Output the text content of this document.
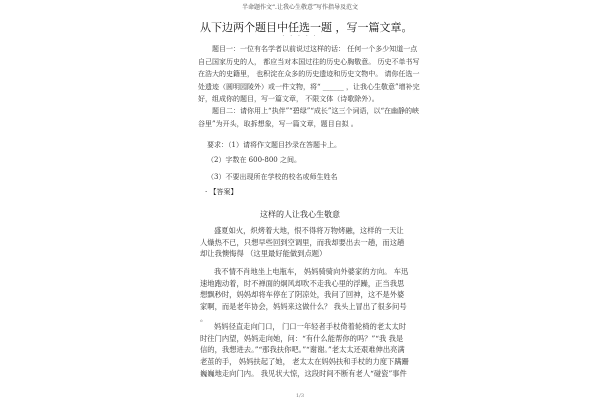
半命题作文“.让我心生敬意”写作指导及范文
从下边两个题目中任选一题 ，写一篇文章。
· · · · ·
题目一：一位有名学者以前说过这样的话： 任何一个多少知道一点自己国家历史的人， 都应当对本国过往的历史心胸敬意。 历史不单书写在浩大的史籍里， 也积淀在众多的历史遗迹和历史文物中。 请你任选一处遗迹（圆明园陵外）或一件文物，将“ ______ ，让我心生敬意”增补完好，组成你的题目，写一篇文章， 不限文体（诗歌除外）。
题目二：请你用上“执伴”“碧绿”“成长”这三个词语，以“在幽静的峡谷里”为开头，取拆想象，写一篇文章，题目自拟 。
要求：（1）请将作文题目抄录在答题卡上。
（2）字数在 600-800 之间。
（3）不要出现所在学校的校名或师生姓名
· 【答案】
这样的人让我心生敬意
盛夏如火，炽烤着大地，恨不得将万物烤融，这样的一天让人燥热不已，只想早些回到空调里，而我却要出去一趟，而这趟却让我懊悔得 （这里最好能做到点题）
我不情不肖地坐上电瓶车， 妈妈骑骑向外婆家的方向。 车迅速地跑动着，时不禅面的炯风却吹不走我心里的浮躁，正当我思想飘秒时，妈妈却将车停在了阴凉处，我问了回神，这不是外婆家啊，而是老年协会，妈妈来这做什么？ 我头上冒出了很多问号 。
妈妈径直走向门口， 门口一年轻者手杖倚着轮椅的老太太时时往门内望，妈妈走向她，问：“有什么能帮你的吗？”“我 我是信的，我想进去。”“那我扶你吧。”“谢谢。”老太太还艰难伸出亮满老茧的手， 妈妈扶起了她， 老太太在妈妈扶和手杖的力度下蹒跚巍巍地走向门内。 我见状大惊，这段时间不断有老人“碰瓷”事件
1/3
